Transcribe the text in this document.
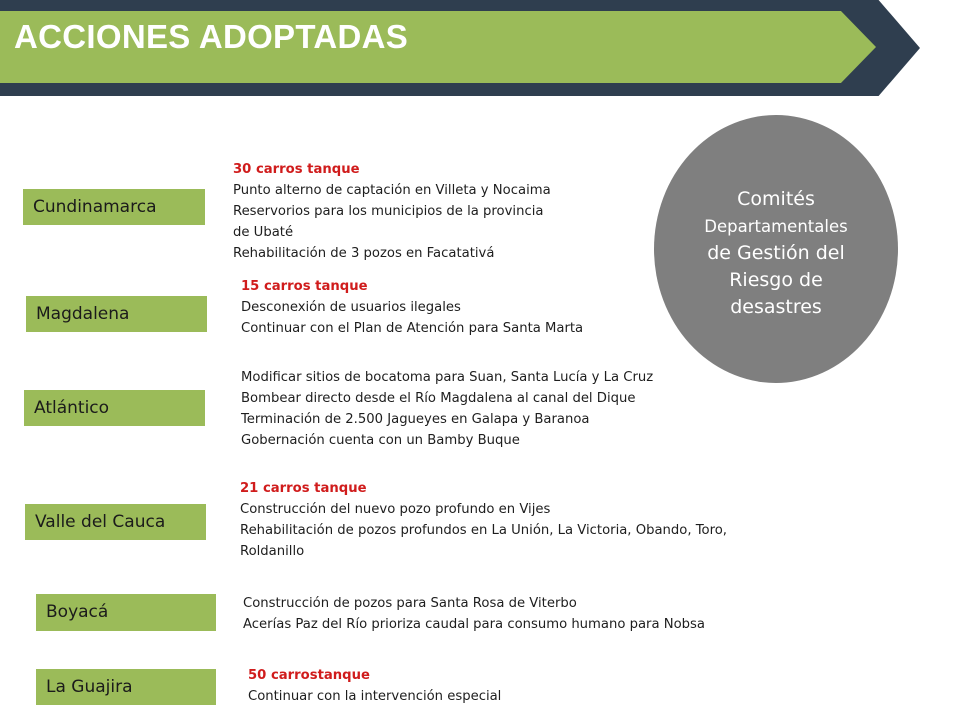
ACCIONES ADOPTADAS
Comités
Departamentales
de Gestión del
Riesgo de
desastres
Cundinamarca
30 carros tanque
Punto alterno de captación en Villeta y Nocaima
Reservorios para los municipios de la provincia
de Ubaté
Rehabilitación de 3 pozos en Facatativá
Magdalena
15 carros tanque
Desconexión de usuarios ilegales
Continuar con el Plan de Atención para Santa Marta
Atlántico
Modificar sitios de bocatoma para Suan, Santa Lucía y La Cruz
Bombear directo desde el Río Magdalena al canal del Dique
Terminación de 2.500 Jagueyes en Galapa y Baranoa
Gobernación cuenta con un Bamby Buque
Valle del Cauca
21 carros tanque
Construcción del nuevo pozo profundo en Vijes
Rehabilitación de pozos profundos en La Unión, La Victoria, Obando, Toro,
Roldanillo
Boyacá	Construcción de pozos para Santa Rosa de Viterbo
Acerías Paz del Río prioriza caudal para consumo humano para Nobsa
La Guajira
50 carrostanque
Continuar con la intervención especial
